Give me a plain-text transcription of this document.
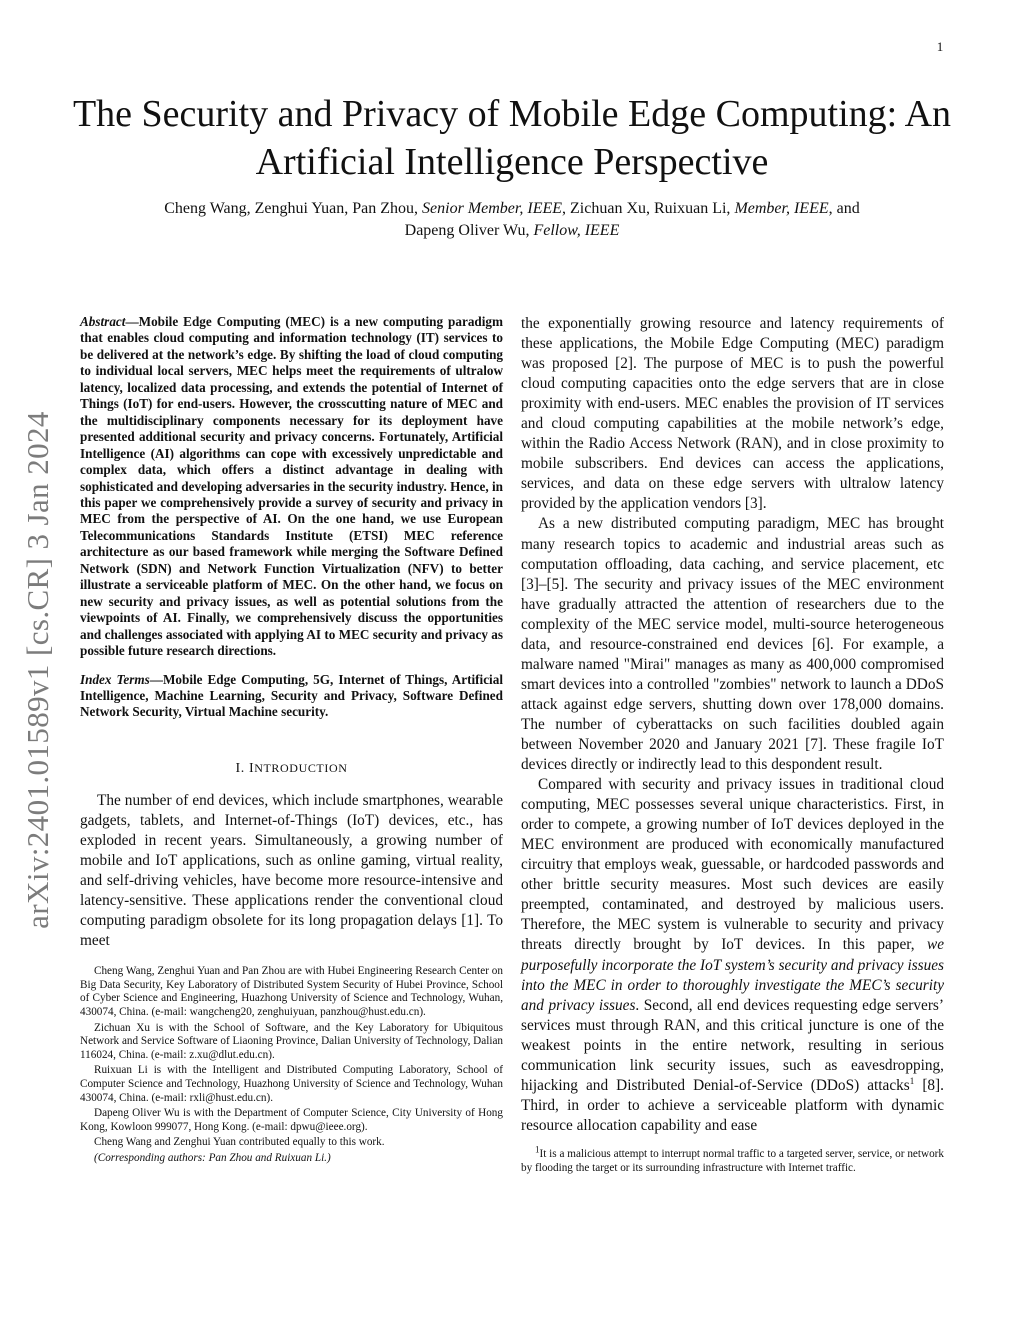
1
arXiv:2401.01589v1 [cs.CR] 3 Jan 2024
The Security and Privacy of Mobile Edge Computing: An Artificial Intelligence Perspective
Cheng Wang, Zenghui Yuan, Pan Zhou, Senior Member, IEEE, Zichuan Xu, Ruixuan Li, Member, IEEE, and
Dapeng Oliver Wu, Fellow, IEEE

Abstract—Mobile Edge Computing (MEC) is a new computing paradigm that enables cloud computing and information technology (IT) services to be delivered at the network’s edge. By shifting the load of cloud computing to individual local servers, MEC helps meet the requirements of ultralow latency, localized data processing, and extends the potential of Internet of Things (IoT) for end-users. However, the crosscutting nature of MEC and the multidisciplinary components necessary for its deployment have presented additional security and privacy concerns. Fortunately, Artificial Intelligence (AI) algorithms can cope with excessively unpredictable and complex data, which offers a distinct advantage in dealing with sophisticated and developing adversaries in the security industry. Hence, in this paper we comprehensively provide a survey of security and privacy in MEC from the perspective of AI. On the one hand, we use European Telecommunications Standards Institute (ETSI) MEC reference architecture as our based framework while merging the Software Defined Network (SDN) and Network Function Virtualization (NFV) to better illustrate a serviceable platform of MEC. On the other hand, we focus on new security and privacy issues, as well as potential solutions from the viewpoints of AI. Finally, we comprehensively discuss the opportunities and challenges associated with applying AI to MEC security and privacy as possible future research directions.

Index Terms—Mobile Edge Computing, 5G, Internet of Things, Artificial Intelligence, Machine Learning, Security and Privacy, Software Defined Network Security, Virtual Machine security.

I. INTRODUCTION

The number of end devices, which include smartphones, wearable gadgets, tablets, and Internet-of-Things (IoT) devices, etc., has exploded in recent years. Simultaneously, a growing number of mobile and IoT applications, such as online gaming, virtual reality, and self-driving vehicles, have become more resource-intensive and latency-sensitive. These applications render the conventional cloud computing paradigm obsolete for its long propagation delays [1]. To meet

Cheng Wang, Zenghui Yuan and Pan Zhou are with Hubei Engineering Research Center on Big Data Security, Key Laboratory of Distributed System Security of Hubei Province, School of Cyber Science and Engineering, Huazhong University of Science and Technology, Wuhan, 430074, China. (e-mail: wangcheng20, zenghuiyuan, panzhou@hust.edu.cn).

Zichuan Xu is with the School of Software, and the Key Laboratory for Ubiquitous Network and Service Software of Liaoning Province, Dalian University of Technology, Dalian 116024, China. (e-mail: z.xu@dlut.edu.cn).

Ruixuan Li is with the Intelligent and Distributed Computing Laboratory, School of Computer Science and Technology, Huazhong University of Science and Technology, Wuhan 430074, China. (e-mail: rxli@hust.edu.cn).

Dapeng Oliver Wu is with the Department of Computer Science, City University of Hong Kong, Kowloon 999077, Hong Kong. (e-mail: dpwu@ieee.org).

Cheng Wang and Zenghui Yuan contributed equally to this work.

(Corresponding authors: Pan Zhou and Ruixuan Li.)

the exponentially growing resource and latency requirements of these applications, the Mobile Edge Computing (MEC) paradigm was proposed [2]. The purpose of MEC is to push the powerful cloud computing capacities onto the edge servers that are in close proximity with end-users. MEC enables the provision of IT services and cloud computing capabilities at the mobile network’s edge, within the Radio Access Network (RAN), and in close proximity to mobile subscribers. End devices can access the applications, services, and data on these edge servers with ultralow latency provided by the application vendors [3].

As a new distributed computing paradigm, MEC has brought many research topics to academic and industrial areas such as computation offloading, data caching, and service placement, etc [3]–[5]. The security and privacy issues of the MEC environment have gradually attracted the attention of researchers due to the complexity of the MEC service model, multi-source heterogeneous data, and resource-constrained end devices [6]. For example, a malware named "Mirai" manages as many as 400,000 compromised smart devices into a controlled "zombies" network to launch a DDoS attack against edge servers, shutting down over 178,000 domains. The number of cyberattacks on such facilities doubled again between November 2020 and January 2021 [7]. These fragile IoT devices directly or indirectly lead to this despondent result.

Compared with security and privacy issues in traditional cloud computing, MEC possesses several unique characteristics. First, in order to compete, a growing number of IoT devices deployed in the MEC environment are produced with economically manufactured circuitry that employs weak, guessable, or hardcoded passwords and other brittle security measures. Most such devices are easily preempted, contaminated, and destroyed by malicious users. Therefore, the MEC system is vulnerable to security and privacy threats directly brought by IoT devices. In this paper, we purposefully incorporate the IoT system’s security and privacy issues into the MEC in order to thoroughly investigate the MEC’s security and privacy issues. Second, all end devices requesting edge servers’ services must through RAN, and this critical juncture is one of the weakest points in the entire network, resulting in serious communication link security issues, such as eavesdropping, hijacking and Distributed Denial-of-Service (DDoS) attacks$^1$ [8]. Third, in order to achieve a serviceable platform with dynamic resource allocation capability and ease

$^1$It is a malicious attempt to interrupt normal traffic to a targeted server, service, or network by flooding the target or its surrounding infrastructure with Internet traffic.
